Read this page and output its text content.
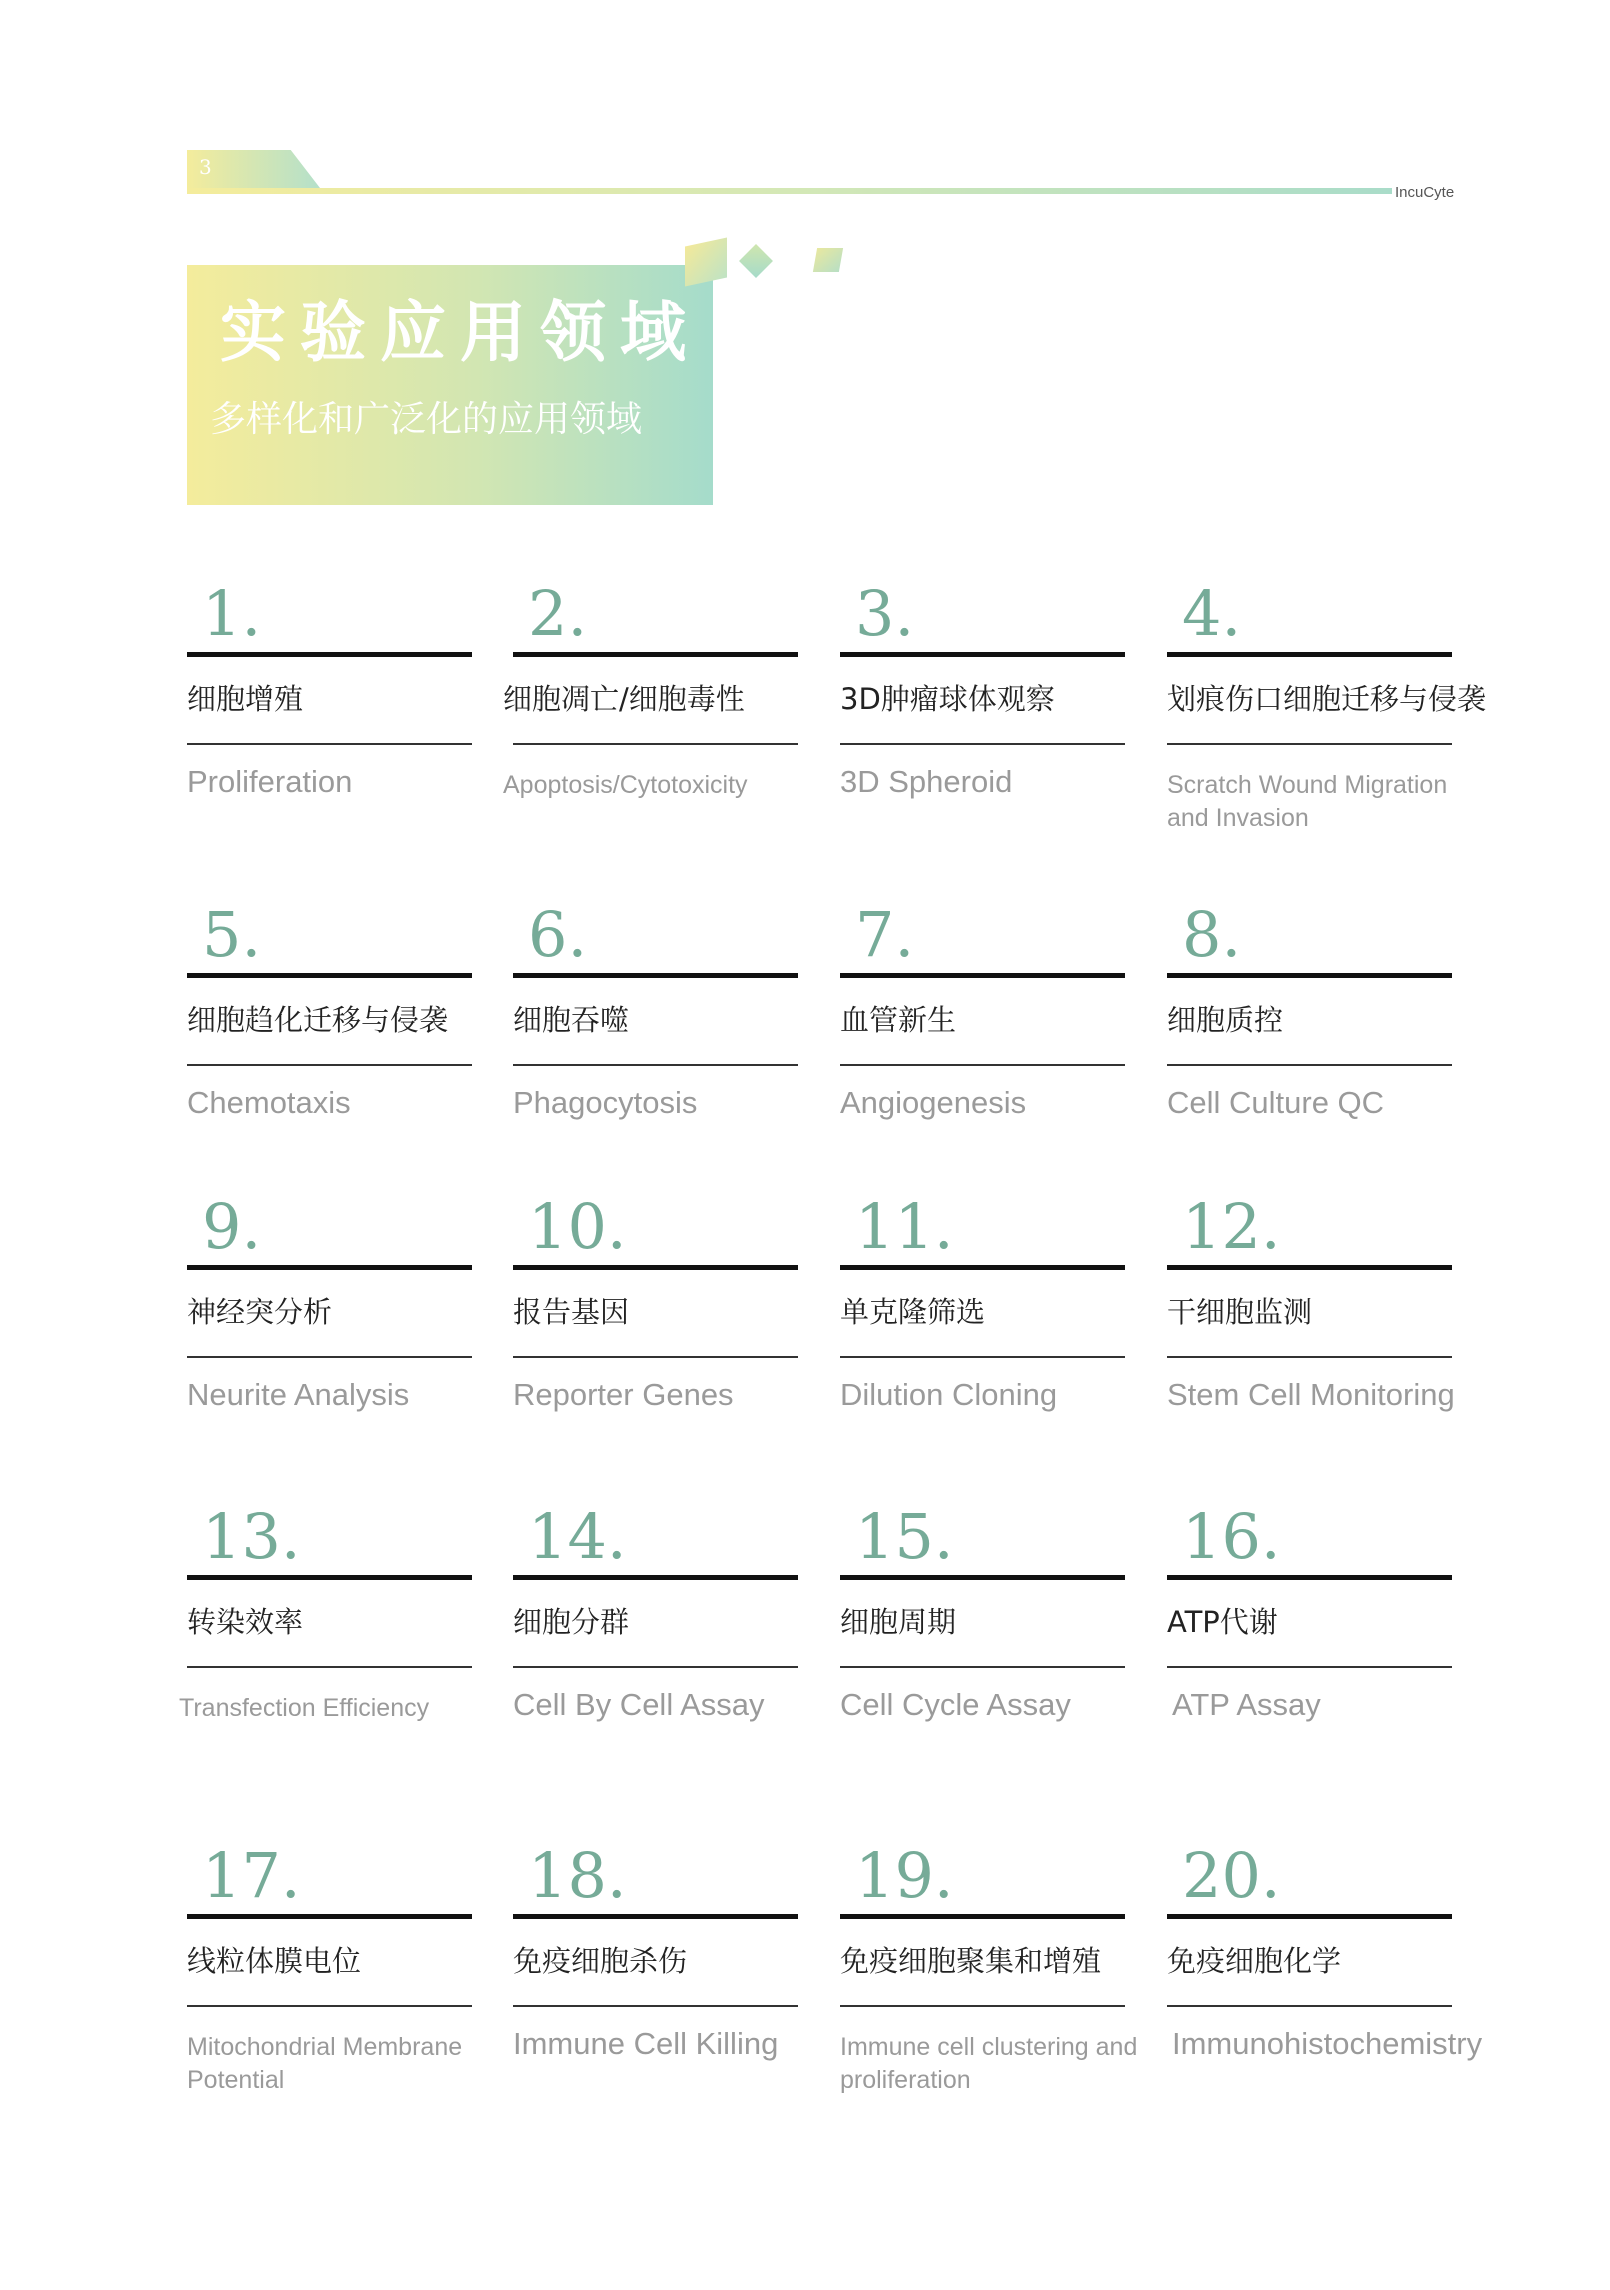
3
IncuCyte
实验应用领域
多样化和广泛化的应用领域
1.
细胞增殖
Proliferation
2.
细胞凋亡/细胞毒性
Apoptosis/Cytotoxicity
3.
3D肿瘤球体观察
3D Spheroid
4.
划痕伤口细胞迁移与侵袭
Scratch Wound Migration and Invasion
5.
细胞趋化迁移与侵袭
Chemotaxis
6.
细胞吞噬
Phagocytosis
7.
血管新生
Angiogenesis
8.
细胞质控
Cell Culture QC
9.
神经突分析
Neurite Analysis
10.
报告基因
Reporter Genes
11.
单克隆筛选
Dilution Cloning
12.
干细胞监测
Stem Cell Monitoring
13.
转染效率
Transfection Efficiency
14.
细胞分群
Cell By Cell Assay
15.
细胞周期
Cell Cycle Assay
16.
ATP代谢
ATP Assay
17.
线粒体膜电位
Mitochondrial Membrane Potential
18.
免疫细胞杀伤
Immune Cell Killing
19.
免疫细胞聚集和增殖
Immune cell clustering and proliferation
20.
免疫细胞化学
Immunohistochemistry
